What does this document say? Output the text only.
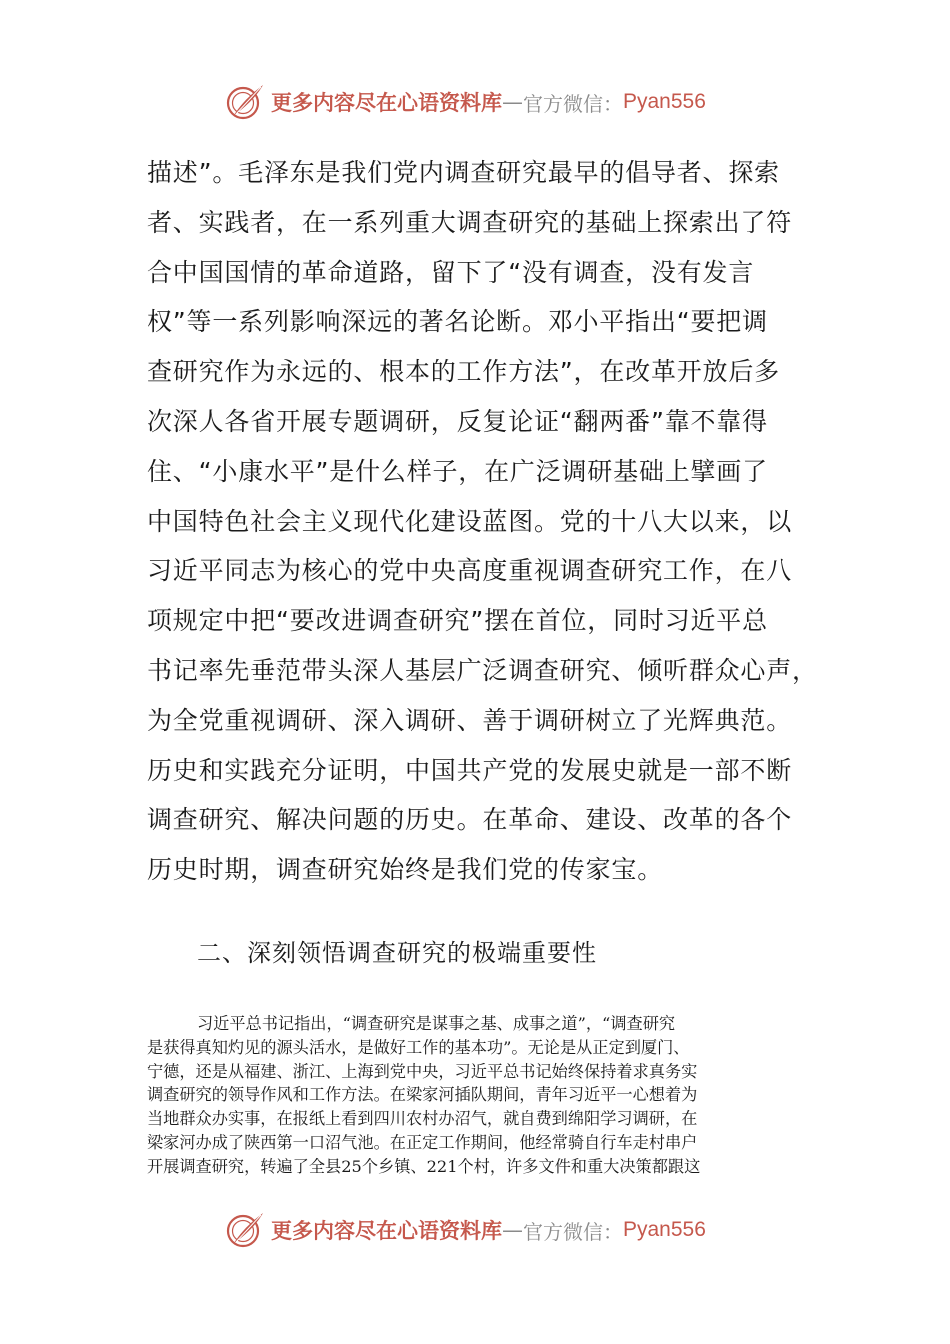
更多内容尽在心语资料库 — 官方微信： Pyan556
描述”。毛泽东是我们党内调查研究最早的倡导者、探索
者、实践者，在一系列重大调查研究的基础上探索出了符
合中国国情的革命道路，留下了“没有调查，没有发言
权”等一系列影响深远的著名论断。邓小平指出“要把调
查研究作为永远的、根本的工作方法”，在改革开放后多
次深人各省开展专题调研，反复论证“翻两番”靠不靠得
住、“小康水平”是什么样子，在广泛调研基础上擘画了
中国特色社会主义现代化建设蓝图。党的十八大以来，以
习近平同志为核心的党中央高度重视调查研究工作，在八
项规定中把“要改进调查研究”摆在首位，同时习近平总
书记率先垂范带头深人基层广泛调查研究、倾听群众心声，
为全党重视调研、深入调研、善于调研树立了光辉典范。
历史和实践充分证明，中国共产党的发展史就是一部不断
调查研究、解决问题的历史。在革命、建设、改革的各个
历史时期，调查研究始终是我们党的传家宝。
二、深刻领悟调查研究的极端重要性
习近平总书记指出，“调查研究是谋事之基、成事之道”，“调查研究
是获得真知灼见的源头活水，是做好工作的基本功”。无论是从正定到厦门、
宁德，还是从福建、浙江、上海到党中央，习近平总书记始终保持着求真务实
调查研究的领导作风和工作方法。在梁家河插队期间，青年习近平一心想着为
当地群众办实事，在报纸上看到四川农村办沼气，就自费到绵阳学习调研，在
梁家河办成了陕西第一口沼气池。在正定工作期间，他经常骑自行车走村串户
开展调查研究，转遍了全县25个乡镇、221个村，许多文件和重大决策都跟这
更多内容尽在心语资料库 — 官方微信： Pyan556
